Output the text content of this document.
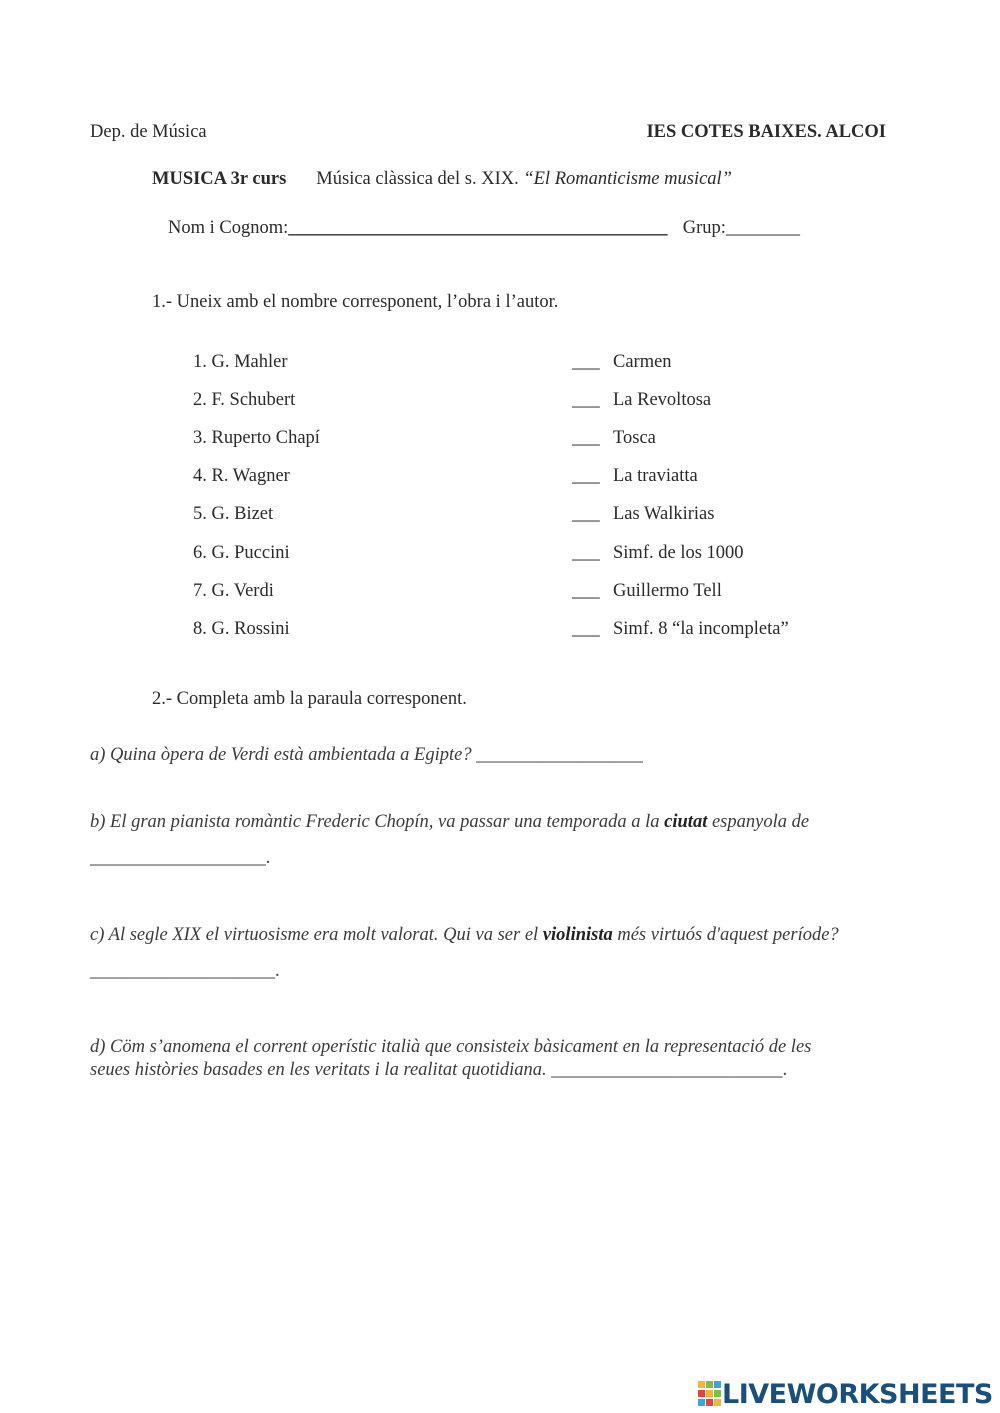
Dep. de Música	IES COTES BAIXES. ALCOI
MUSICA 3r curs Música clàssica del s. XIX. “El Romanticisme musical”
Nom i Cognom:_________________________________________ Grup:________
1.- Uneix amb el nombre corresponent, l’obra i l’autor.
1. G. Mahler
2. F. Schubert
3. Ruperto Chapí
4. R. Wagner
5. G. Bizet
6. G. Puccini
7. G. Verdi
8. G. Rossini
___
___
___
___
___
___
___
___
Carmen
La Revoltosa
Tosca
La traviatta
Las Walkirias
Simf. de los 1000
Guillermo Tell
Simf. 8 “la incompleta”
2.- Completa amb la paraula corresponent.
a) Quina òpera de Verdi està ambientada a Egipte? __________________
b) El gran pianista romàntic Frederic Chopín, va passar una temporada a la ciutat espanyola de
___________________.
c) Al segle XIX el virtuosisme era molt valorat. Qui va ser el violinista més virtuós d'aquest període?
____________________.
d) Cöm s’anomena el corrent operístic italià que consisteix bàsicament en la representació de les
seues històries basades en les veritats i la realitat quotidiana. _________________________.
LIVEWORKSHEETS
